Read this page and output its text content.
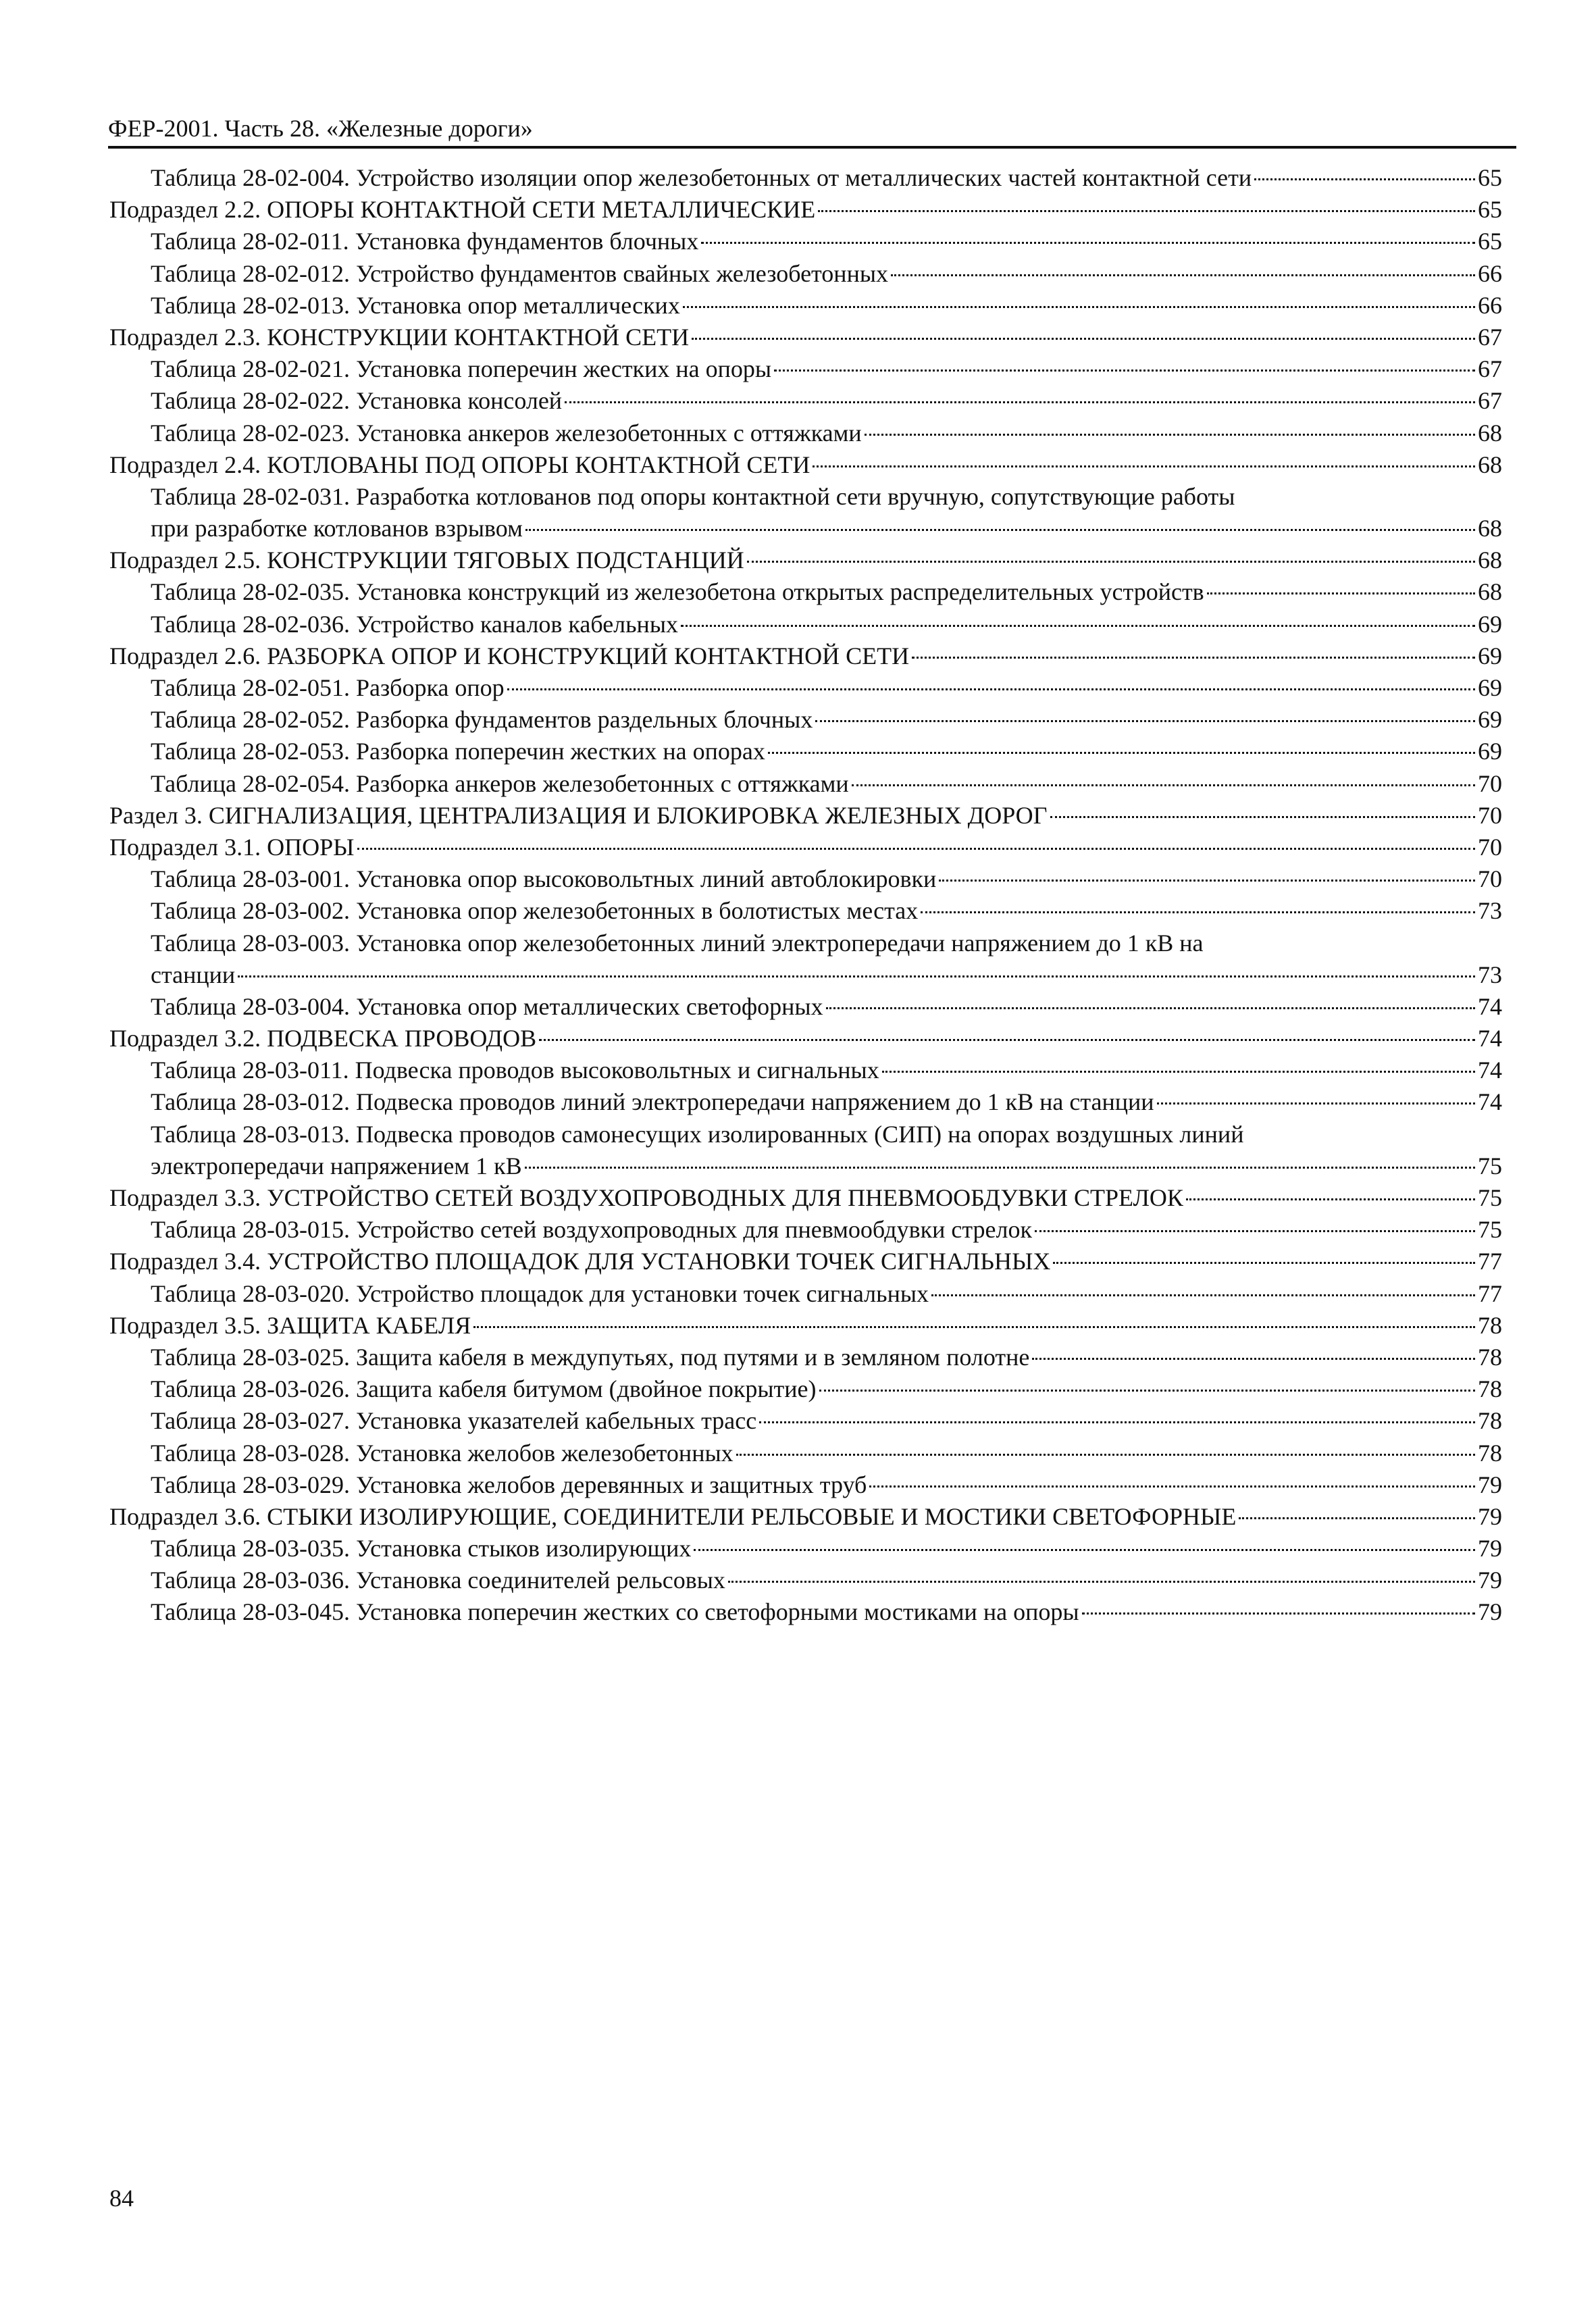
ФЕР-2001. Часть 28. «Железные дороги»
Таблица 28-02-004. Устройство изоляции опор железобетонных от металлических частей контактной сети	65
Подраздел 2.2. ОПОРЫ КОНТАКТНОЙ СЕТИ МЕТАЛЛИЧЕСКИЕ	65
Таблица 28-02-011. Установка фундаментов блочных	65
Таблица 28-02-012. Устройство фундаментов свайных железобетонных	66
Таблица 28-02-013. Установка опор металлических	66
Подраздел 2.3. КОНСТРУКЦИИ КОНТАКТНОЙ СЕТИ	67
Таблица 28-02-021. Установка поперечин жестких на опоры	67
Таблица 28-02-022. Установка консолей	67
Таблица 28-02-023. Установка анкеров железобетонных с оттяжками	68
Подраздел 2.4. КОТЛОВАНЫ ПОД ОПОРЫ КОНТАКТНОЙ СЕТИ	68
Таблица 28-02-031. Разработка котлованов под опоры контактной сети вручную, сопутствующие работы
при разработке котлованов взрывом	68
Подраздел 2.5. КОНСТРУКЦИИ ТЯГОВЫХ ПОДСТАНЦИЙ	68
Таблица 28-02-035. Установка конструкций из железобетона открытых распределительных устройств	68
Таблица 28-02-036. Устройство каналов кабельных	69
Подраздел 2.6. РАЗБОРКА ОПОР И КОНСТРУКЦИЙ КОНТАКТНОЙ СЕТИ	69
Таблица 28-02-051. Разборка опор	69
Таблица 28-02-052. Разборка фундаментов раздельных блочных	69
Таблица 28-02-053. Разборка поперечин жестких на опорах	69
Таблица 28-02-054. Разборка анкеров железобетонных с оттяжками	70
Раздел 3. СИГНАЛИЗАЦИЯ, ЦЕНТРАЛИЗАЦИЯ И БЛОКИРОВКА ЖЕЛЕЗНЫХ ДОРОГ	70
Подраздел 3.1. ОПОРЫ	70
Таблица 28-03-001. Установка опор высоковольтных линий автоблокировки	70
Таблица 28-03-002. Установка опор железобетонных в болотистых местах	73
Таблица 28-03-003. Установка опор железобетонных линий электропередачи напряжением до 1 кВ на
станции	73
Таблица 28-03-004. Установка опор металлических светофорных	74
Подраздел 3.2. ПОДВЕСКА ПРОВОДОВ	74
Таблица 28-03-011. Подвеска проводов высоковольтных и сигнальных	74
Таблица 28-03-012. Подвеска проводов линий электропередачи напряжением до 1 кВ на станции	74
Таблица 28-03-013. Подвеска проводов самонесущих изолированных (СИП) на опорах воздушных линий
электропередачи напряжением 1 кВ	75
Подраздел 3.3. УСТРОЙСТВО СЕТЕЙ ВОЗДУХОПРОВОДНЫХ ДЛЯ ПНЕВМООБДУВКИ СТРЕЛОК	75
Таблица 28-03-015. Устройство сетей воздухопроводных для пневмообдувки стрелок	75
Подраздел 3.4. УСТРОЙСТВО ПЛОЩАДОК ДЛЯ УСТАНОВКИ ТОЧЕК СИГНАЛЬНЫХ	77
Таблица 28-03-020. Устройство площадок для установки точек сигнальных	77
Подраздел 3.5. ЗАЩИТА КАБЕЛЯ	78
Таблица 28-03-025. Защита кабеля в междупутьях, под путями и в земляном полотне	78
Таблица 28-03-026. Защита кабеля битумом (двойное покрытие)	78
Таблица 28-03-027. Установка указателей кабельных трасс	78
Таблица 28-03-028. Установка желобов железобетонных	78
Таблица 28-03-029. Установка желобов деревянных и защитных труб	79
Подраздел 3.6. СТЫКИ ИЗОЛИРУЮЩИЕ, СОЕДИНИТЕЛИ РЕЛЬСОВЫЕ И МОСТИКИ СВЕТОФОРНЫЕ	79
Таблица 28-03-035. Установка стыков изолирующих	79
Таблица 28-03-036. Установка соединителей рельсовых	79
Таблица 28-03-045. Установка поперечин жестких со светофорными мостиками на опоры	79
84
